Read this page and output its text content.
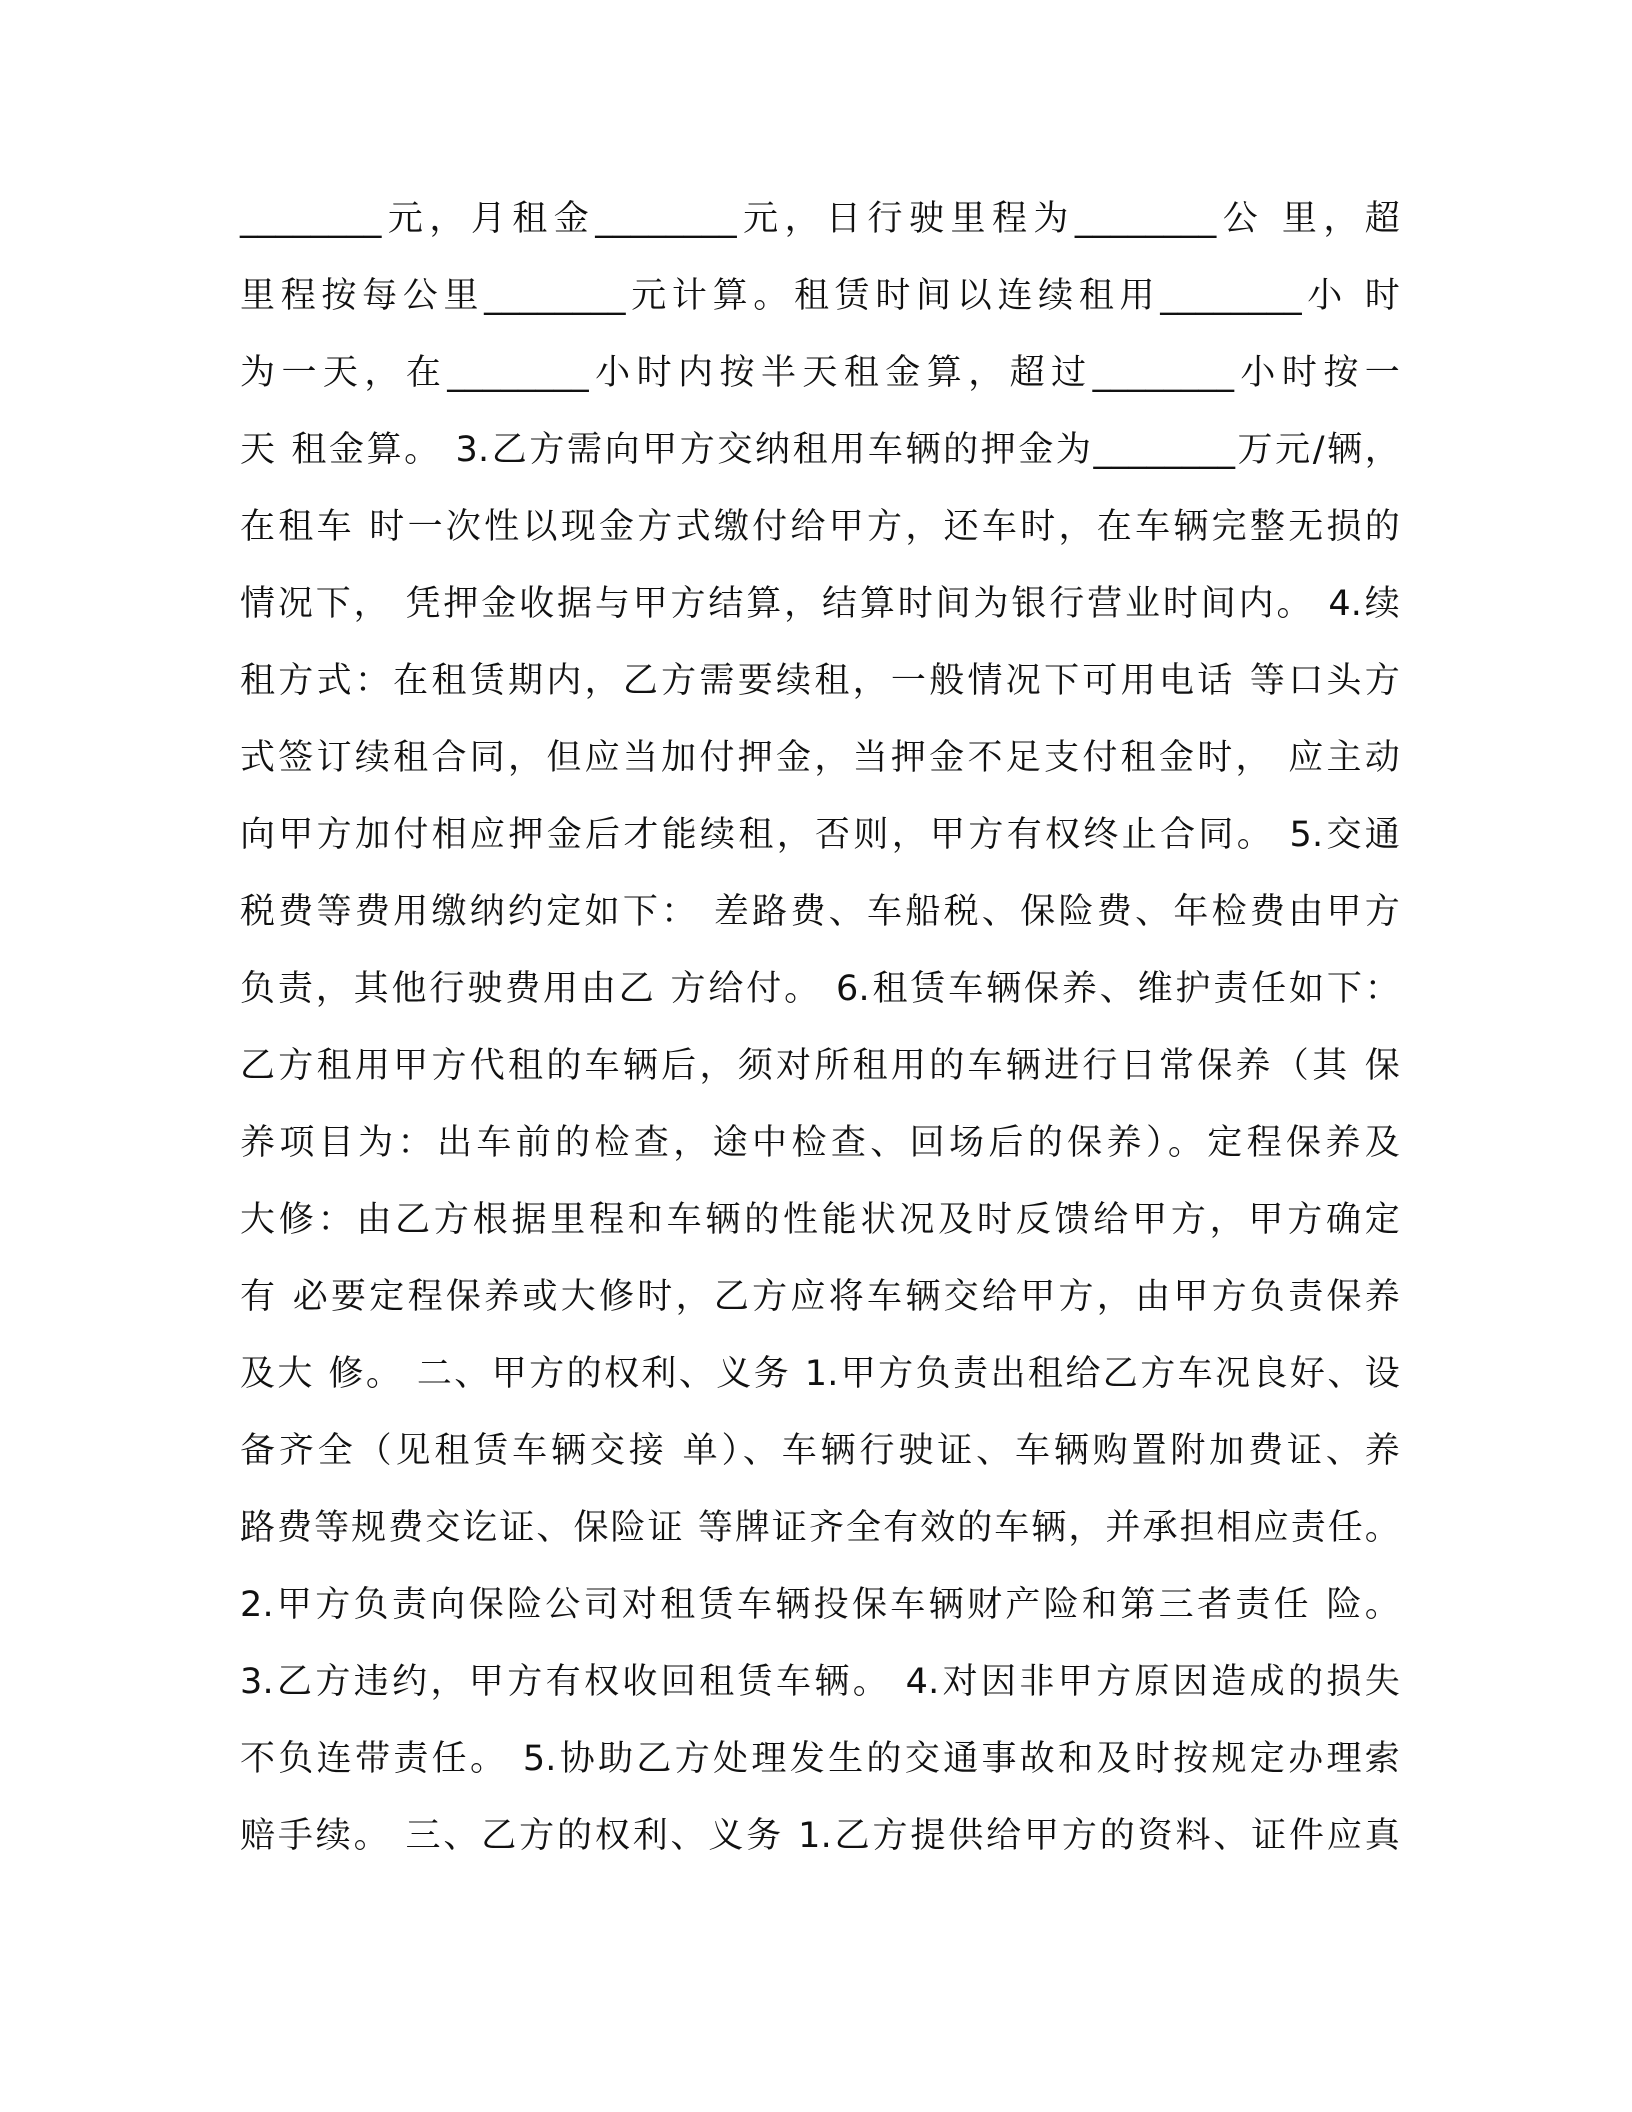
________元，月租金________元，日行驶里程为________公 里，超
里程按每公里________元计算。租赁时间以连续租用________小 时
为一天，在________小时内按半天租金算，超过________小时按一
天 租金算。 3.乙方需向甲方交纳租用车辆的押金为________万元/辆，
在租车 时一次性以现金方式缴付给甲方，还车时，在车辆完整无损的
情况下， 凭押金收据与甲方结算，结算时间为银行营业时间内。 4.续
租方式：在租赁期内，乙方需要续租，一般情况下可用电话 等口头方
式签订续租合同，但应当加付押金，当押金不足支付租金时， 应主动
向甲方加付相应押金后才能续租，否则，甲方有权终止合同。 5.交通
税费等费用缴纳约定如下： 差路费、车船税、保险费、年检费由甲方
负责，其他行驶费用由乙 方给付。 6.租赁车辆保养、维护责任如下：
乙方租用甲方代租的车辆后，须对所租用的车辆进行日常保养（其 保
养项目为：出车前的检查，途中检查、回场后的保养）。定程保养及
大修：由乙方根据里程和车辆的性能状况及时反馈给甲方，甲方确定
有 必要定程保养或大修时，乙方应将车辆交给甲方，由甲方负责保养
及大 修。 二、甲方的权利、义务 1.甲方负责出租给乙方车况良好、设
备齐全（见租赁车辆交接 单）、车辆行驶证、车辆购置附加费证、养
路费等规费交讫证、保险证 等牌证齐全有效的车辆，并承担相应责任。
2.甲方负责向保险公司对租赁车辆投保车辆财产险和第三者责任 险。
3.乙方违约，甲方有权收回租赁车辆。 4.对因非甲方原因造成的损失
不负连带责任。 5.协助乙方处理发生的交通事故和及时按规定办理索
赔手续。 三、乙方的权利、义务 1.乙方提供给甲方的资料、证件应真
